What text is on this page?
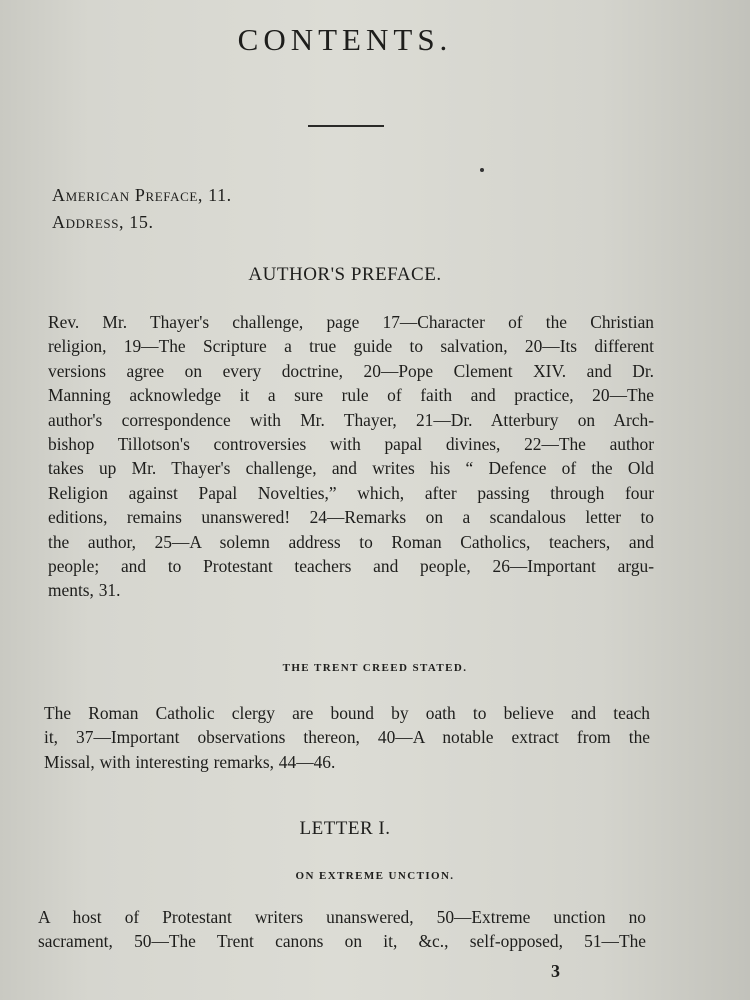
CONTENTS.
American Preface, 11.
Address, 15.
AUTHOR'S PREFACE.
Rev. Mr. Thayer's challenge, page 17—Character of the Christian
religion, 19—The Scripture a true guide to salvation, 20—Its different
versions agree on every doctrine, 20—Pope Clement XIV. and Dr.
Manning acknowledge it a sure rule of faith and practice, 20—The
author's correspondence with Mr. Thayer, 21—Dr. Atterbury on Arch-
bishop Tillotson's controversies with papal divines, 22—The author
takes up Mr. Thayer's challenge, and writes his “ Defence of the Old
Religion against Papal Novelties,” which, after passing through four
editions, remains unanswered! 24—Remarks on a scandalous letter to
the author, 25—A solemn address to Roman Catholics, teachers, and
people; and to Protestant teachers and people, 26—Important argu-
ments, 31.
THE TRENT CREED STATED.
The Roman Catholic clergy are bound by oath to believe and teach
it, 37—Important observations thereon, 40—A notable extract from the
Missal, with interesting remarks, 44—46.
LETTER I.
ON EXTREME UNCTION.
A host of Protestant writers unanswered, 50—Extreme unction no
sacrament, 50—The Trent canons on it, &c., self-opposed, 51—The
3
